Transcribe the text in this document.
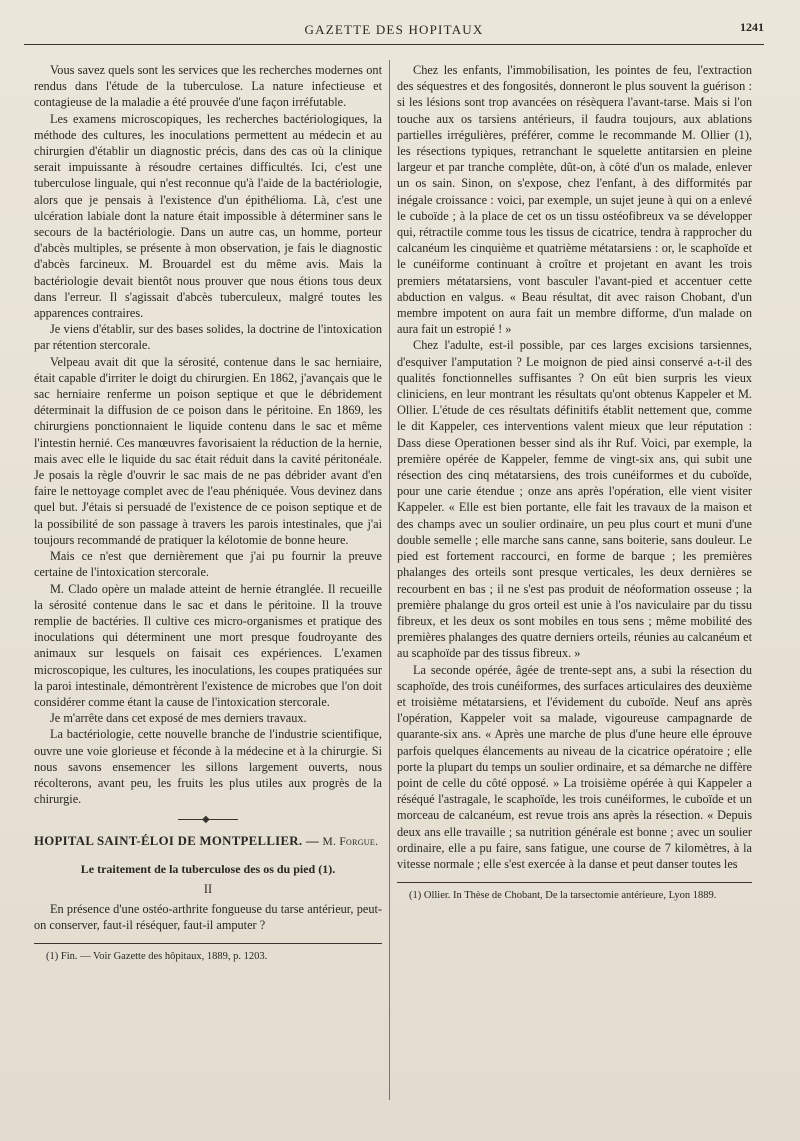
GAZETTE DES HOPITAUX	1241

Vous savez quels sont les services que les recherches modernes ont rendus dans l'étude de la tuberculose. La nature infectieuse et contagieuse de la maladie a été prouvée d'une façon irréfutable.

Les examens microscopiques, les recherches bactériologiques, la méthode des cultures, les inoculations permettent au médecin et au chirurgien d'établir un diagnostic précis, dans des cas où la clinique serait impuissante à résoudre certaines difficultés. Ici, c'est une tuberculose linguale, qui n'est reconnue qu'à l'aide de la bactériologie, alors que je pensais à l'existence d'un épithélioma. Là, c'est une ulcération labiale dont la nature était impossible à déterminer sans le secours de la bactériologie. Dans un autre cas, un homme, porteur d'abcès multiples, se présente à mon observation, je fais le diagnostic d'abcès farcineux. M. Brouardel est du même avis. Mais la bactériologie devait bientôt nous prouver que nous étions tous deux dans l'erreur. Il s'agissait d'abcès tuberculeux, malgré toutes les apparences contraires.

Je viens d'établir, sur des bases solides, la doctrine de l'intoxication par rétention stercorale.

Velpeau avait dit que la sérosité, contenue dans le sac herniaire, était capable d'irriter le doigt du chirurgien. En 1862, j'avançais que le sac herniaire renferme un poison septique et que le débridement déterminait la diffusion de ce poison dans le péritoine. En 1869, les chirurgiens ponctionnaient le liquide contenu dans le sac et même l'intestin hernié. Ces manœuvres favorisaient la réduction de la hernie, mais avec elle le liquide du sac était réduit dans la cavité péritonéale. Je posais la règle d'ouvrir le sac mais de ne pas débrider avant d'en faire le nettoyage complet avec de l'eau phéniquée. Vous devinez dans quel but. J'étais si persuadé de l'existence de ce poison septique et de la possibilité de son passage à travers les parois intestinales, que j'ai toujours recommandé de pratiquer la kélotomie de bonne heure.

Mais ce n'est que dernièrement que j'ai pu fournir la preuve certaine de l'intoxication stercorale.

M. Clado opère un malade atteint de hernie étranglée. Il recueille la sérosité contenue dans le sac et dans le péritoine. Il la trouve remplie de bactéries. Il cultive ces micro-organismes et pratique des inoculations qui déterminent une mort presque foudroyante des animaux sur lesquels on faisait ces expériences. L'examen microscopique, les cultures, les inoculations, les coupes pratiquées sur la paroi intestinale, démontrèrent l'existence de microbes que l'on doit considérer comme étant la cause de l'intoxication stercorale.

Je m'arrête dans cet exposé de mes derniers travaux.

La bactériologie, cette nouvelle branche de l'industrie scientifique, ouvre une voie glorieuse et féconde à la médecine et à la chirurgie. Si nous savons ensemencer les sillons largement ouverts, nous récolterons, avant peu, les fruits les plus utiles aux progrès de la chirurgie.

◆

HOPITAL SAINT-ÉLOI DE MONTPELLIER. — M. Forgue.

Le traitement de la tuberculose des os du pied (1).

II

En présence d'une ostéo-arthrite fongueuse du tarse antérieur, peut-on conserver, faut-il réséquer, faut-il amputer ?

(1) Fin. — Voir Gazette des hôpitaux, 1889, p. 1203.

Chez les enfants, l'immobilisation, les pointes de feu, l'extraction des séquestres et des fongosités, donneront le plus souvent la guérison : si les lésions sont trop avancées on résèquera l'avant-tarse. Mais si l'on touche aux os tarsiens antérieurs, il faudra toujours, aux ablations partielles irrégulières, préférer, comme le recommande M. Ollier (1), les résections typiques, retranchant le squelette antitarsien en pleine largeur et par tranche complète, dût-on, à côté d'un os malade, enlever un os sain. Sinon, on s'expose, chez l'enfant, à des difformités par inégale croissance : voici, par exemple, un sujet jeune à qui on a enlevé le cuboïde ; à la place de cet os un tissu ostéofibreux va se développer qui, rétractile comme tous les tissus de cicatrice, tendra à rapprocher du calcanéum les cinquième et quatrième métatarsiens : or, le scaphoïde et le cunéiforme continuant à croître et projetant en avant les trois premiers métatarsiens, vont basculer l'avant-pied et accentuer cette abduction en valgus. « Beau résultat, dit avec raison Chobant, d'un membre impotent on aura fait un membre difforme, d'un malade on aura fait un estropié ! »

Chez l'adulte, est-il possible, par ces larges excisions tarsiennes, d'esquiver l'amputation ? Le moignon de pied ainsi conservé a-t-il des qualités fonctionnelles suffisantes ? On eût bien surpris les vieux cliniciens, en leur montrant les résultats qu'ont obtenus Kappeler et M. Ollier. L'étude de ces résultats définitifs établit nettement que, comme le dit Kappeler, ces interventions valent mieux que leur réputation : Dass diese Operationen besser sind als ihr Ruf. Voici, par exemple, la première opérée de Kappeler, femme de vingt-six ans, qui subit une résection des cinq métatarsiens, des trois cunéiformes et du cuboïde, pour une carie étendue ; onze ans après l'opération, elle vient visiter Kappeler. « Elle est bien portante, elle fait les travaux de la maison et des champs avec un soulier ordinaire, un peu plus court et muni d'une double semelle ; elle marche sans canne, sans boiterie, sans douleur. Le pied est fortement raccourci, en forme de barque ; les premières phalanges des orteils sont presque verticales, les deux dernières se recourbent en bas ; il ne s'est pas produit de néoformation osseuse ; la première phalange du gros orteil est unie à l'os naviculaire par du tissu fibreux, et les deux os sont mobiles en tous sens ; même mobilité des premières phalanges des quatre derniers orteils, réunies au calcanéum et au scaphoïde par des tissus fibreux. »

La seconde opérée, âgée de trente-sept ans, a subi la résection du scaphoïde, des trois cunéiformes, des surfaces articulaires des deuxième et troisième métatarsiens, et l'évidement du cuboïde. Neuf ans après l'opération, Kappeler voit sa malade, vigoureuse campagnarde de quarante-six ans. « Après une marche de plus d'une heure elle éprouve parfois quelques élancements au niveau de la cicatrice opératoire ; elle porte la plupart du temps un soulier ordinaire, et sa démarche ne diffère point de celle du côté opposé. » La troisième opérée à qui Kappeler a réséqué l'astragale, le scaphoïde, les trois cunéiformes, le cuboïde et un morceau de calcanéum, est revue trois ans après la résection. « Depuis deux ans elle travaille ; sa nutrition générale est bonne ; avec un soulier ordinaire, elle a pu faire, sans fatigue, une course de 7 kilomètres, à la vitesse normale ; elle s'est exercée à la danse et peut danser toutes les

(1) Ollier. In Thèse de Chobant, De la tarsectomie antérieure, Lyon 1889.
